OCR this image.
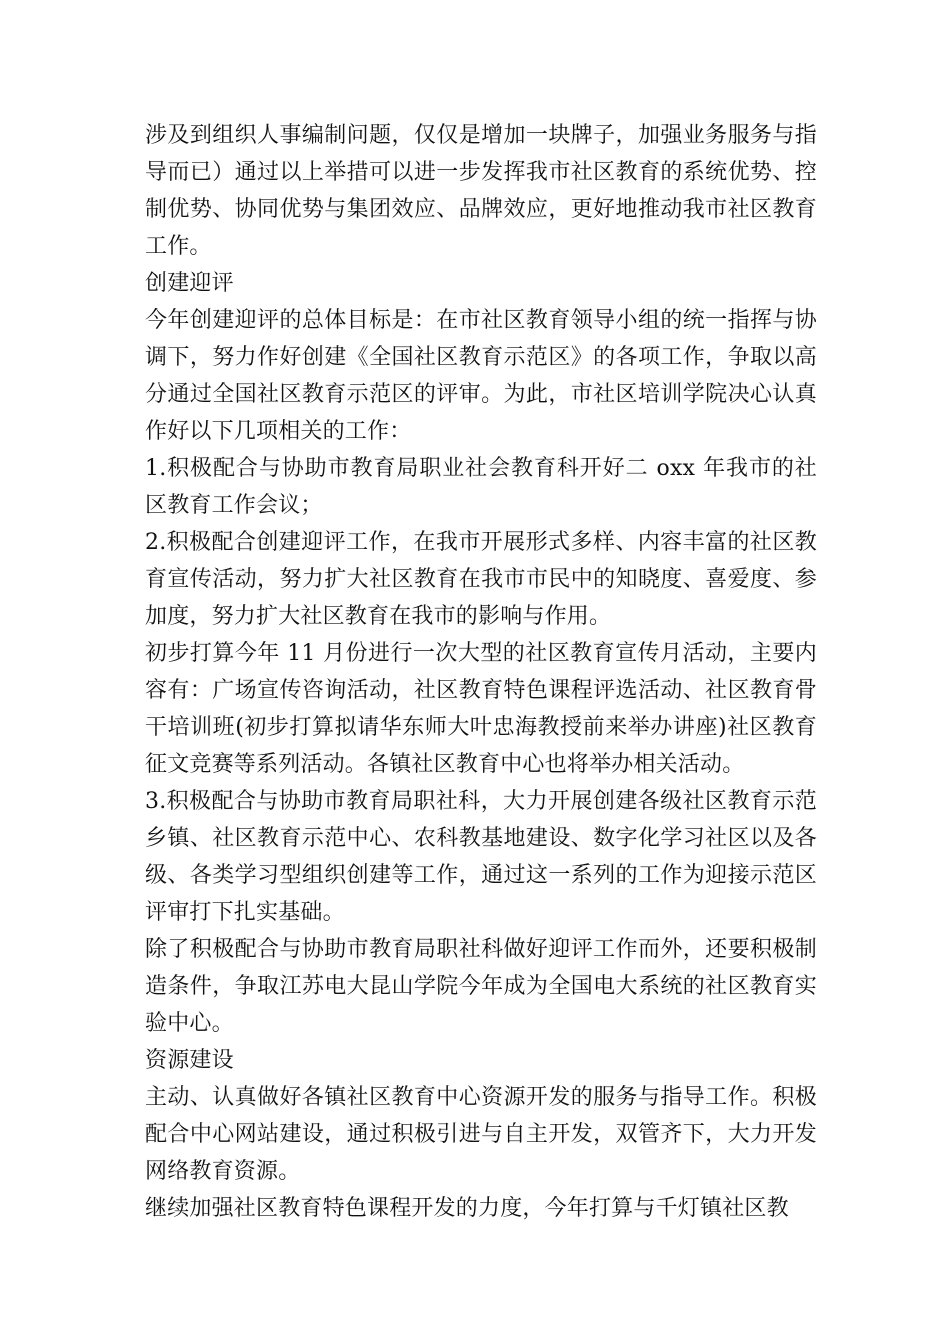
涉及到组织人事编制问题，仅仅是增加一块牌子，加强业务服务与指导而已）通过以上举措可以进一步发挥我市社区教育的系统优势、控制优势、协同优势与集团效应、品牌效应，更好地推动我市社区教育工作。

创建迎评

今年创建迎评的总体目标是：在市社区教育领导小组的统一指挥与协调下，努力作好创建《全国社区教育示范区》的各项工作，争取以高分通过全国社区教育示范区的评审。为此，市社区培训学院决心认真作好以下几项相关的工作：

1.积极配合与协助市教育局职业社会教育科开好二 oxx 年我市的社区教育工作会议；

2.积极配合创建迎评工作，在我市开展形式多样、内容丰富的社区教育宣传活动，努力扩大社区教育在我市市民中的知晓度、喜爱度、参加度，努力扩大社区教育在我市的影响与作用。

初步打算今年 11 月份进行一次大型的社区教育宣传月活动，主要内容有：广场宣传咨询活动，社区教育特色课程评选活动、社区教育骨干培训班(初步打算拟请华东师大叶忠海教授前来举办讲座)社区教育征文竞赛等系列活动。各镇社区教育中心也将举办相关活动。

3.积极配合与协助市教育局职社科，大力开展创建各级社区教育示范乡镇、社区教育示范中心、农科教基地建设、数字化学习社区以及各级、各类学习型组织创建等工作，通过这一系列的工作为迎接示范区评审打下扎实基础。

除了积极配合与协助市教育局职社科做好迎评工作而外，还要积极制造条件，争取江苏电大昆山学院今年成为全国电大系统的社区教育实验中心。

资源建设

主动、认真做好各镇社区教育中心资源开发的服务与指导工作。积极配合中心网站建设，通过积极引进与自主开发，双管齐下，大力开发网络教育资源。

继续加强社区教育特色课程开发的力度，今年打算与千灯镇社区教
